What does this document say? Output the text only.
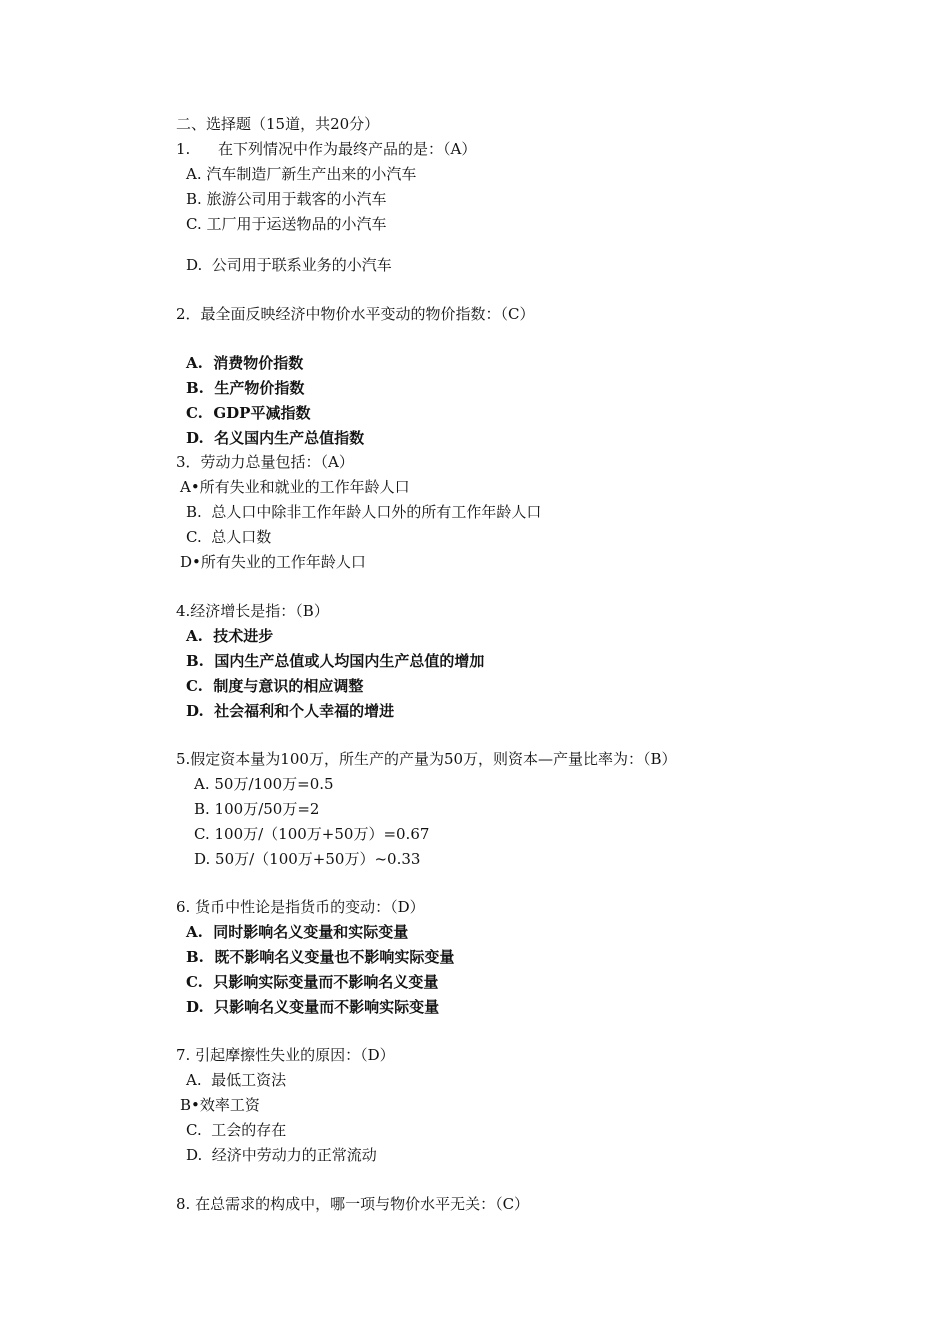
二、选择题（15道，共20分）
1. 在下列情况中作为最终产品的是：（A）
A. 汽车制造厂新生产出来的小汽车
B. 旅游公司用于载客的小汽车
C. 工厂用于运送物品的小汽车
D.  公司用于联系业务的小汽车
2．最全面反映经济中物价水平变动的物价指数：（C）
A.  消费物价指数
B.  生产物价指数
C.  GDP平减指数
D.  名义国内生产总值指数
3．劳动力总量包括：（A）
A•所有失业和就业的工作年龄人口
B.  总人口中除非工作年龄人口外的所有工作年龄人口
C.  总人口数
D•所有失业的工作年龄人口
4.经济增长是指：（B）
A.  技术进步
B.  国内生产总值或人均国内生产总值的增加
C.  制度与意识的相应调整
D.  社会福利和个人幸福的增进
5.假定资本量为100万，所生产的产量为50万，则资本—产量比率为：（B）
A. 50万/100万=0.5
B. 100万/50万=2
C. 100万/（100万+50万）=0.67
D. 50万/（100万+50万）~0.33
6. 货币中性论是指货币的变动：（D）
A.  同时影响名义变量和实际变量
B.  既不影响名义变量也不影响实际变量
C.  只影响实际变量而不影响名义变量
D.  只影响名义变量而不影响实际变量
7. 引起摩擦性失业的原因：（D）
A.  最低工资法
B•效率工资
C.  工会的存在
D.  经济中劳动力的正常流动
8. 在总需求的构成中，哪一项与物价水平无关：（C）
